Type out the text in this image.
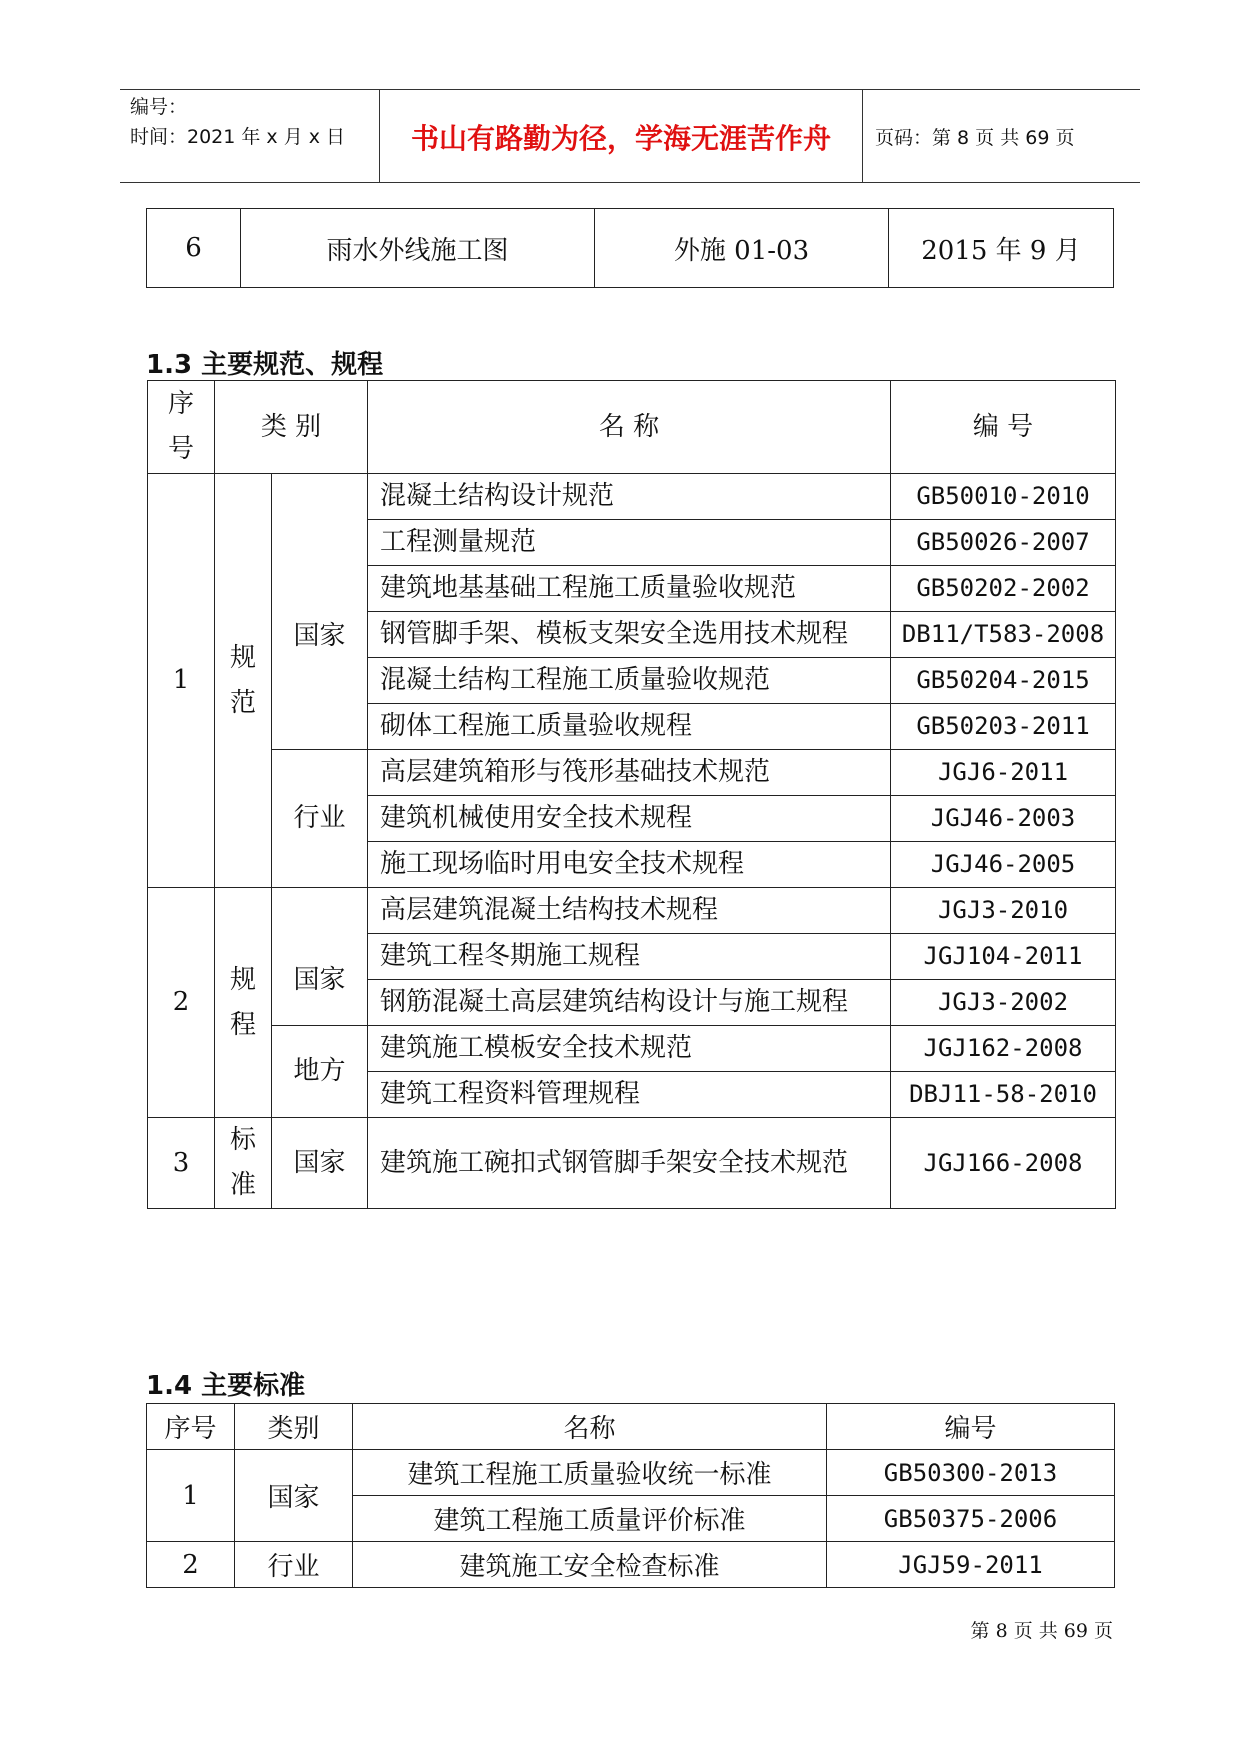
编号：
时间：2021 年 x 月 x 日	书山有路勤为径，学海无涯苦作舟	页码：第 8 页 共 69 页
6	雨水外线施工图	外施 01-03	2015 年 9 月
1.3 主要规范、规程
序号	类 别		名 称	编 号
1	规范	国家	混凝土结构设计规范	GB50010-2010
			工程测量规范	GB50026-2007
			建筑地基基础工程施工质量验收规范	GB50202-2002
			钢管脚手架、模板支架安全选用技术规程	DB11/T583-2008
			混凝土结构工程施工质量验收规范	GB50204-2015
			砌体工程施工质量验收规程	GB50203-2011
		行业	高层建筑箱形与筏形基础技术规范	JGJ6-2011
			建筑机械使用安全技术规程	JGJ46-2003
			施工现场临时用电安全技术规程	JGJ46-2005
2	规程	国家	高层建筑混凝土结构技术规程	JGJ3-2010
			建筑工程冬期施工规程	JGJ104-2011
			钢筋混凝土高层建筑结构设计与施工规程	JGJ3-2002
		地方	建筑施工模板安全技术规范	JGJ162-2008
			建筑工程资料管理规程	DBJ11-58-2010
3	标准	国家	建筑施工碗扣式钢管脚手架安全技术规范	JGJ166-2008
1.4 主要标准
序号	类别	名称	编号
1	国家	建筑工程施工质量验收统一标准	GB50300-2013
		建筑工程施工质量评价标准	GB50375-2006
2	行业	建筑施工安全检查标准	JGJ59-2011
第 8 页 共 69 页
